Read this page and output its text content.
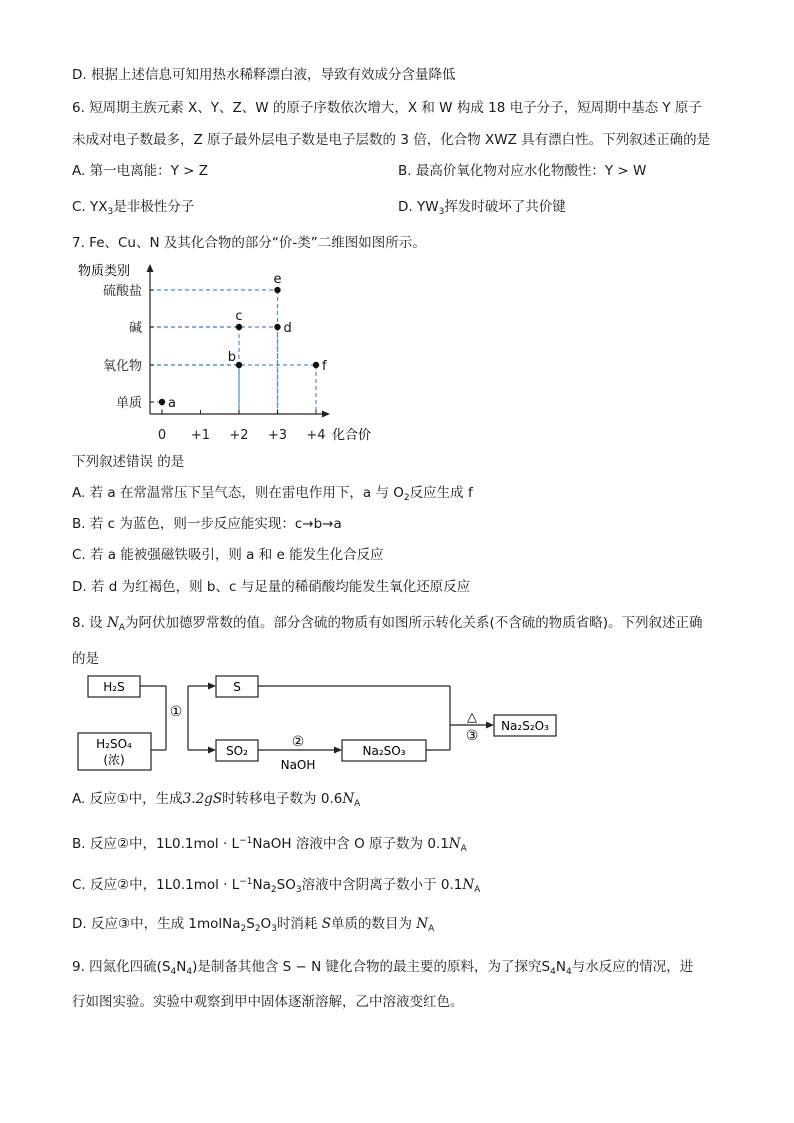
D. 根据上述信息可知用热水稀释漂白液，导致有效成分含量降低
6. 短周期主族元素 X、Y、Z、W 的原子序数依次增大，X 和 W 构成 18 电子分子，短周期中基态 Y 原子
未成对电子数最多，Z 原子最外层电子数是电子层数的 3 倍，化合物 XWZ 具有漂白性。下列叙述正确的是
A. 第一电离能：Y > Z	B. 最高价氧化物对应水化物酸性：Y > W
C. $YX_3$是非极性分子	D. $YW_3$挥发时破坏了共价键
7. Fe、Cu、N 及其化合物的部分“价-类”二维图如图所示。
物质类别
化合价
单质
氧化物
碱
硫酸盐
0 +1 +2 +3 +4
a
b
c
d
e
f
下列叙述错误 的是
A. 若 a 在常温常压下呈气态，则在雷电作用下，a 与 $O_2$反应生成 f
B. 若 c 为蓝色，则一步反应能实现：c→b→a
C. 若 a 能被强磁铁吸引，则 a 和 e 能发生化合反应
D. 若 d 为红褐色，则 b、c 与足量的稀硝酸均能发生氧化还原反应
8. 设 $N_A$为阿伏加德罗常数的值。部分含硫的物质有如图所示转化关系(不含硫的物质省略)。下列叙述正确
的是
H₂S
H₂SO₄
(浓)
①
S
SO₂
②
NaOH
Na₂SO₃
△
③
Na₂S₂O₃
A. 反应①中，生成3.2gS时转移电子数为 $0.6N_A$
B. 反应②中，$1L0.1mol \cdot L^{-1}NaOH$ 溶液中含 O 原子数为 $0.1N_A$
C. 反应②中，$1L0.1mol \cdot L^{-1}Na_2SO_3$溶液中含阴离子数小于 $0.1N_A$
D. 反应③中，生成 $1molNa_2S_2O_3$时消耗 S单质的数目为 $N_A$
9. 四氮化四硫$(S_4N_4)$是制备其他含 S − N 键化合物的最主要的原料，为了探究$S_4N_4$与水反应的情况，进
行如图实验。实验中观察到甲中固体逐渐溶解，乙中溶液变红色。
